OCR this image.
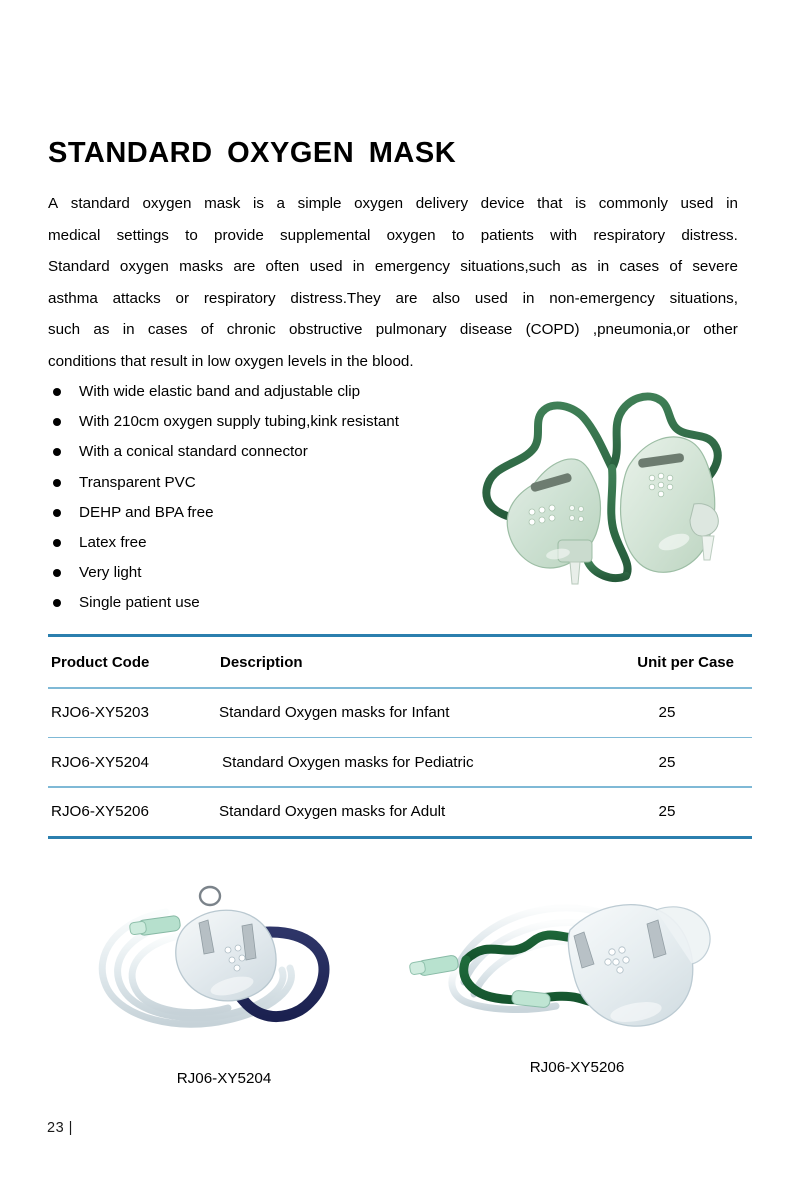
STANDARD OXYGEN MASK
A standard oxygen mask is a simple oxygen delivery device that is commonly used in
medical settings to provide supplemental oxygen to patients with respiratory distress.
Standard oxygen masks are often used in emergency situations,such as in cases of severe
asthma attacks or respiratory distress.They are also used in non-emergency situations,
such as in cases of chronic obstructive pulmonary disease (COPD) ,pneumonia,or other
conditions that result in low oxygen levels in the blood.
With wide elastic band and adjustable clip
With 210cm oxygen supply tubing,kink resistant
With a conical standard connector
Transparent PVC
DEHP and BPA free
Latex free
Very light
Single patient use
Product Code	Description	Unit per Case
RJO6-XY5203	Standard Oxygen masks for Infant	25
RJO6-XY5204	Standard Oxygen masks for Pediatric	25
RJO6-XY5206	Standard Oxygen masks for Adult	25
RJ06-XY5204
RJ06-XY5206
23 |
